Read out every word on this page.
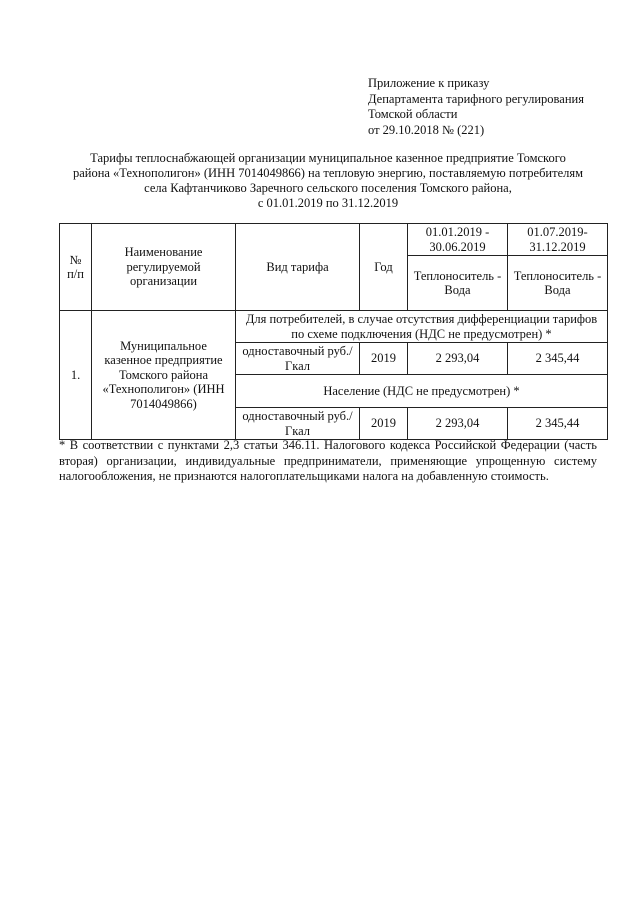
Приложение к приказу
Департамента тарифного регулирования
Томской области
от 29.10.2018 № (221)
Тарифы теплоснабжающей организации муниципальное казенное предприятие Томского
района «Технополигон» (ИНН 7014049866) на тепловую энергию, поставляемую потребителям
села Кафтанчиково Заречного сельского поселения Томского района,
с 01.01.2019 по 31.12.2019
№ п/п	Наименование регулируемой организации	Вид тарифа	Год	01.01.2019 - 30.06.2019	01.07.2019- 31.12.2019
				Теплоноситель - Вода	Теплоноситель - Вода
1.	Муниципальное казенное предприятие Томского района «Технополигон» (ИНН 7014049866)	Для потребителей, в случае отсутствия дифференциации тарифов по схеме подключения (НДС не предусмотрен) *			
		одноставочный руб./Гкал	2019	2 293,04	2 345,44
		Население (НДС не предусмотрен) *			
		одноставочный руб./Гкал	2019	2 293,04	2 345,44
* В соответствии с пунктами 2,3 статьи 346.11. Налогового кодекса Российской Федерации (часть вторая) организации, индивидуальные предприниматели, применяющие упрощенную систему налогообложения, не признаются налогоплательщиками налога на добавленную стоимость.
